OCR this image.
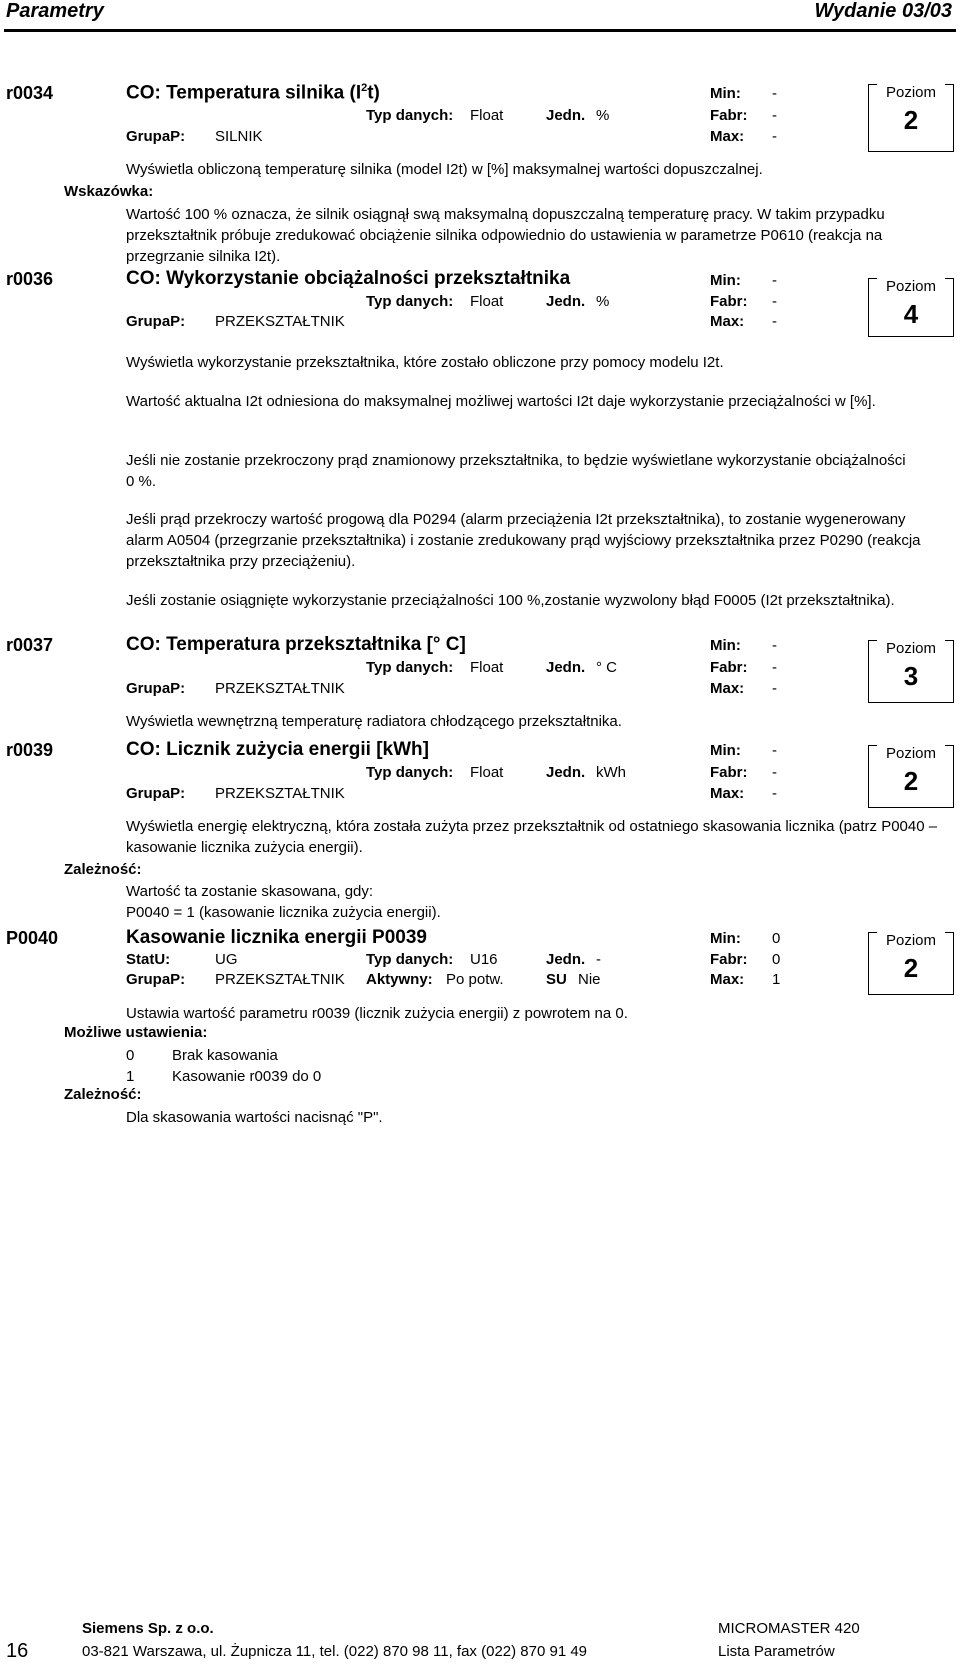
Parametry	Wydanie 03/03
r0034	CO: Temperatura silnika $(I^2t)$	Min: -
Typ danych: Float	Jedn. %	Fabr: -
GrupaP: SILNIK	Max: -
Poziom
2
Wyświetla obliczoną temperaturę silnika (model I2t) w [%] maksymalnej wartości dopuszczalnej.
Wskazówka:
Wartość 100 % oznacza, że silnik osiągnął swą maksymalną dopuszczalną temperaturę pracy. W takim przypadku przekształtnik próbuje zredukować obciążenie silnika odpowiednio do ustawienia w parametrze P0610 (reakcja na przegrzanie silnika I2t).
r0036	CO: Wykorzystanie obciążalności przekształtnika	Min: -
Typ danych: Float	Jedn. %	Fabr: -
GrupaP: PRZEKSZTAŁTNIK	Max: -
Poziom
4
Wyświetla wykorzystanie przekształtnika, które zostało obliczone przy pomocy modelu I2t.
Wartość aktualna I2t odniesiona do maksymalnej możliwej wartości I2t daje wykorzystanie przeciążalności w [%].
Jeśli nie zostanie przekroczony prąd znamionowy przekształtnika, to będzie wyświetlane wykorzystanie obciążalności 0 %.
Jeśli prąd przekroczy wartość progową dla P0294 (alarm przeciążenia I2t przekształtnika), to zostanie wygenerowany alarm A0504 (przegrzanie przekształtnika) i zostanie zredukowany prąd wyjściowy przekształtnika przez P0290 (reakcja przekształtnika przy przeciążeniu).
Jeśli zostanie osiągnięte wykorzystanie przeciążalności 100 %,zostanie wyzwolony błąd F0005 (I2t przekształtnika).
r0037	CO: Temperatura przekształtnika [° C]	Min: -
Typ danych: Float	Jedn. ° C	Fabr: -
GrupaP: PRZEKSZTAŁTNIK	Max: -
Poziom
3
Wyświetla wewnętrzną temperaturę radiatora chłodzącego przekształtnika.
r0039	CO: Licznik zużycia energii [kWh]	Min: -
Typ danych: Float	Jedn. kWh	Fabr: -
GrupaP: PRZEKSZTAŁTNIK	Max: -
Poziom
2
Wyświetla energię elektryczną, która została zużyta przez przekształtnik od ostatniego skasowania licznika (patrz P0040 – kasowanie licznika zużycia energii).
Zależność:
Wartość ta zostanie skasowana, gdy:
P0040 = 1 (kasowanie licznika zużycia energii).
P0040	Kasowanie licznika energii P0039	Min: 0
StatU:	UG	Typ danych: U16	Jedn. -	Fabr: 0
GrupaP: PRZEKSZTAŁTNIK Aktywny: Po potw.	SU Nie	Max: 1
Poziom
2
Ustawia wartość parametru r0039 (licznik zużycia energii) z powrotem na 0.
Możliwe ustawienia:
0	Brak kasowania
1	Kasowanie r0039 do 0
Zależność:
Dla skasowania wartości nacisnąć "P".
16
Siemens Sp. z o.o.
03-821 Warszawa, ul. Żupnicza 11, tel. (022) 870 98 11, fax (022) 870 91 49
MICROMASTER 420
Lista Parametrów
